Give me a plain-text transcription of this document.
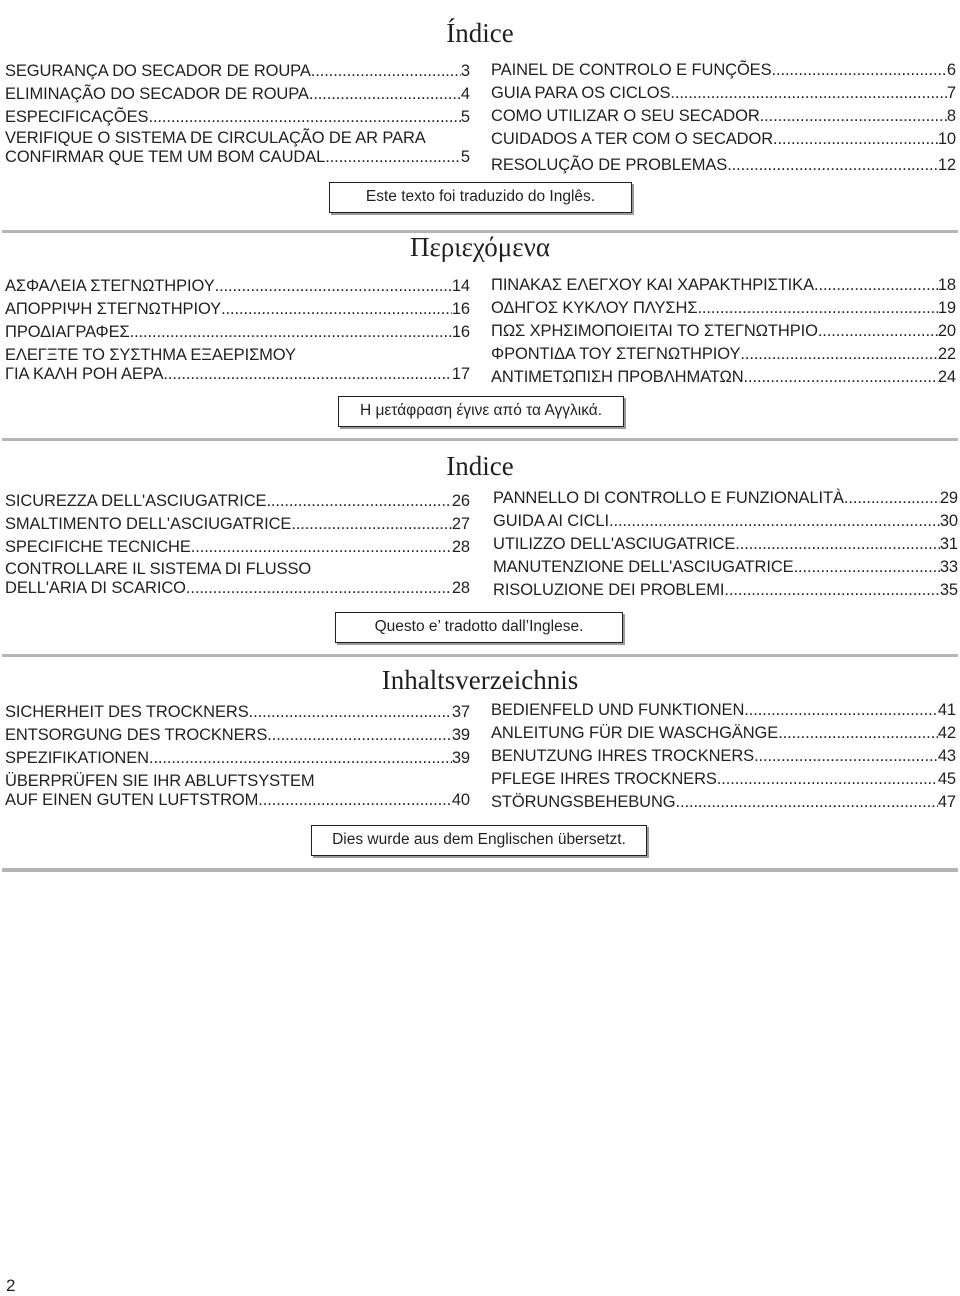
Índice
SEGURANÇA DO SECADOR DE ROUPA .....	3
ELIMINAÇÃO DO SECADOR DE ROUPA .....	4
ESPECIFICAÇÕES .....	5
VERIFIQUE O SISTEMA DE CIRCULAÇÃO DE AR PARA
CONFIRMAR QUE TEM UM BOM CAUDAL .....	5
PAINEL DE CONTROLO E FUNÇÕES .....	6
GUIA PARA OS CICLOS .....	7
COMO UTILIZAR O SEU SECADOR .....	8
CUIDADOS A TER COM O SECADOR .....	10
RESOLUÇÃO DE PROBLEMAS .....	12
Este texto foi traduzido do Inglês.
Περιεχόμενα
ΑΣΦΑΛΕΙΑ ΣΤΕΓΝΩΤΗΡΙΟΥ .....	14
ΑΠΟΡΡΙΨΗ ΣΤΕΓΝΩΤΗΡΙΟΥ .....	16
ΠΡΟΔΙΑΓΡΑΦΕΣ .....	16
ΕΛΕΓΞΤΕ ΤΟ ΣΥΣΤΗΜΑ ΕΞΑΕΡΙΣΜΟΥ
ΓΙΑ ΚΑΛΗ ΡΟΗ ΑΕΡΑ .....	17
ΠΙΝΑΚΑΣ ΕΛΕΓΧΟΥ ΚΑΙ ΧΑΡΑΚΤΗΡΙΣΤΙΚΑ .....	18
ΟΔΗΓΟΣ ΚΥΚΛΟΥ ΠΛΥΣΗΣ .....	19
ΠΩΣ ΧΡΗΣΙΜΟΠΟΙΕΙΤΑΙ ΤΟ ΣΤΕΓΝΩΤΗΡΙΟ .....	20
ΦΡΟΝΤΙΔΑ ΤΟΥ ΣΤΕΓΝΩΤΗΡΙΟΥ .....	22
ΑΝΤΙΜΕΤΩΠΙΣΗ ΠΡΟΒΛΗΜΑΤΩΝ .....	24
Η μετάφραση έγινε από τα Αγγλικά.
Indice
SICUREZZA DELL'ASCIUGATRICE .....	26
SMALTIMENTO DELL'ASCIUGATRICE .....	27
SPECIFICHE TECNICHE .....	28
CONTROLLARE IL SISTEMA DI FLUSSO
DELL'ARIA DI SCARICO .....	28
PANNELLO DI CONTROLLO E FUNZIONALITÀ .....	29
GUIDA AI CICLI .....	30
UTILIZZO DELL'ASCIUGATRICE .....	31
MANUTENZIONE DELL'ASCIUGATRICE .....	33
RISOLUZIONE DEI PROBLEMI .....	35
Questo e’ tradotto dall’Inglese.
Inhaltsverzeichnis
SICHERHEIT DES TROCKNERS .....	37
ENTSORGUNG DES TROCKNERS .....	39
SPEZIFIKATIONEN .....	39
ÜBERPRÜFEN SIE IHR ABLUFTSYSTEM
AUF EINEN GUTEN LUFTSTROM .....	40
BEDIENFELD UND FUNKTIONEN .....	41
ANLEITUNG FÜR DIE WASCHGÄNGE .....	42
BENUTZUNG IHRES TROCKNERS .....	43
PFLEGE IHRES TROCKNERS .....	45
STÖRUNGSBEHEBUNG .....	47
Dies wurde aus dem Englischen übersetzt.
2
